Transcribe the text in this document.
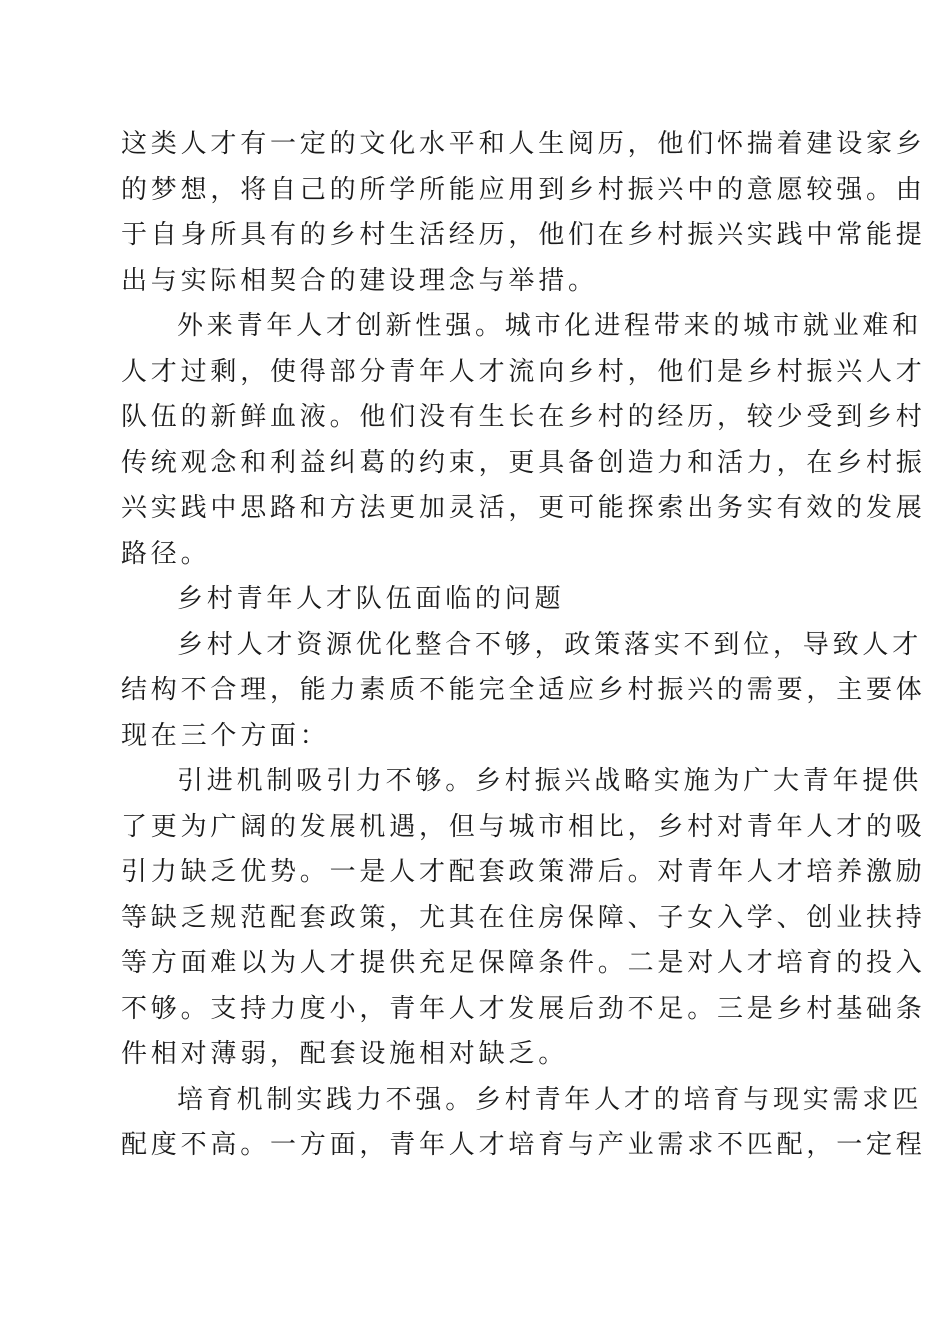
这类人才有一定的文化水平和人生阅历，他们怀揣着建设家乡
的梦想，将自己的所学所能应用到乡村振兴中的意愿较强。由
于自身所具有的乡村生活经历，他们在乡村振兴实践中常能提
出与实际相契合的建设理念与举措。
外来青年人才创新性强。城市化进程带来的城市就业难和
人才过剩，使得部分青年人才流向乡村，他们是乡村振兴人才
队伍的新鲜血液。他们没有生长在乡村的经历，较少受到乡村
传统观念和利益纠葛的约束，更具备创造力和活力，在乡村振
兴实践中思路和方法更加灵活，更可能探索出务实有效的发展
路径。
乡村青年人才队伍面临的问题
乡村人才资源优化整合不够，政策落实不到位，导致人才
结构不合理，能力素质不能完全适应乡村振兴的需要，主要体
现在三个方面：
引进机制吸引力不够。乡村振兴战略实施为广大青年提供
了更为广阔的发展机遇，但与城市相比，乡村对青年人才的吸
引力缺乏优势。一是人才配套政策滞后。对青年人才培养激励
等缺乏规范配套政策，尤其在住房保障、子女入学、创业扶持
等方面难以为人才提供充足保障条件。二是对人才培育的投入
不够。支持力度小，青年人才发展后劲不足。三是乡村基础条
件相对薄弱，配套设施相对缺乏。
培育机制实践力不强。乡村青年人才的培育与现实需求匹
配度不高。一方面，青年人才培育与产业需求不匹配，一定程
